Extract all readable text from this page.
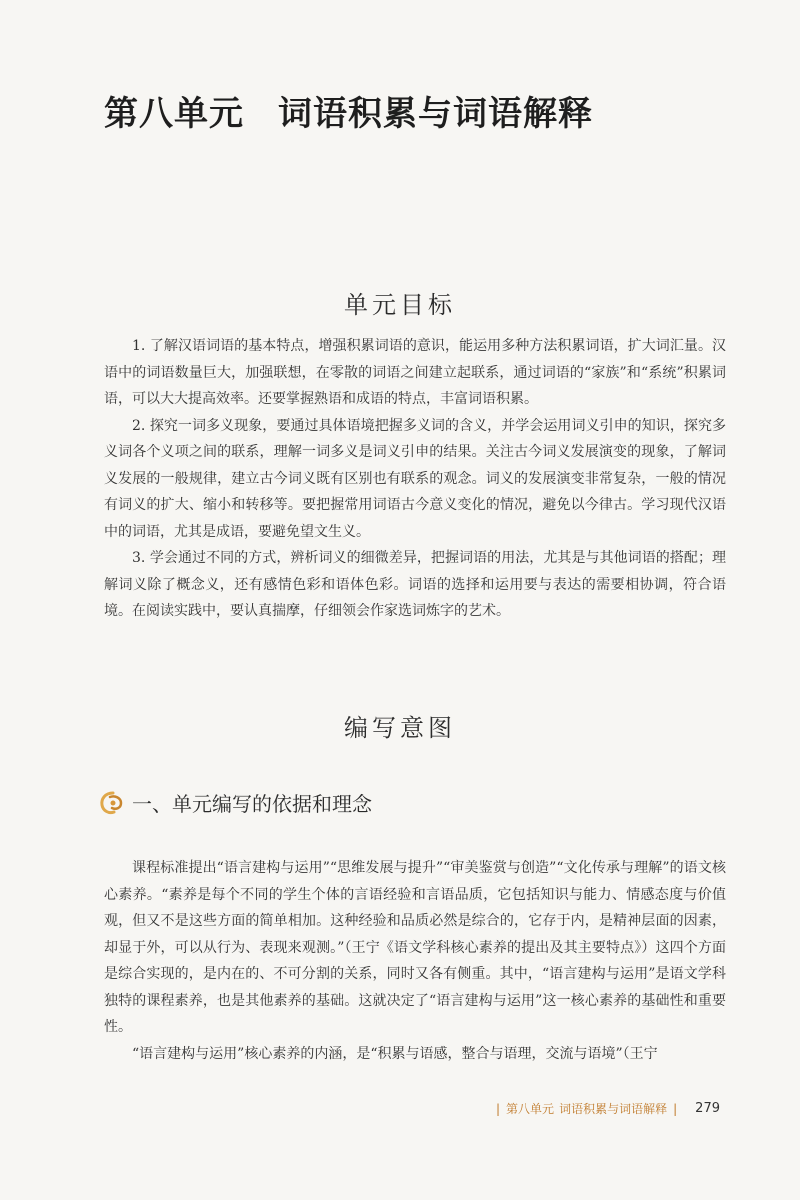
第八单元 词语积累与词语解释
单元目标

1. 了解汉语词语的基本特点，增强积累词语的意识，能运用多种方法积累词语，扩大词汇量。汉语中的词语数量巨大，加强联想，在零散的词语之间建立起联系，通过词语的“家族”和“系统”积累词语，可以大大提高效率。还要掌握熟语和成语的特点，丰富词语积累。

2. 探究一词多义现象，要通过具体语境把握多义词的含义，并学会运用词义引申的知识，探究多义词各个义项之间的联系，理解一词多义是词义引申的结果。关注古今词义发展演变的现象，了解词义发展的一般规律，建立古今词义既有区别也有联系的观念。词义的发展演变非常复杂，一般的情况有词义的扩大、缩小和转移等。要把握常用词语古今意义变化的情况，避免以今律古。学习现代汉语中的词语，尤其是成语，要避免望文生义。

3. 学会通过不同的方式，辨析词义的细微差异，把握词语的用法，尤其是与其他词语的搭配；理解词义除了概念义，还有感情色彩和语体色彩。词语的选择和运用要与表达的需要相协调，符合语境。在阅读实践中，要认真揣摩，仔细领会作家选词炼字的艺术。

编写意图
一、单元编写的依据和理念

课程标准提出“语言建构与运用”“思维发展与提升”“审美鉴赏与创造”“文化传承与理解”的语文核心素养。“素养是每个不同的学生个体的言语经验和言语品质，它包括知识与能力、情感态度与价值观，但又不是这些方面的简单相加。这种经验和品质必然是综合的，它存于内，是精神层面的因素，却显于外，可以从行为、表现来观测。”（王宁《语文学科核心素养的提出及其主要特点》）这四个方面是综合实现的，是内在的、不可分割的关系，同时又各有侧重。其中，“语言建构与运用”是语文学科独特的课程素养，也是其他素养的基础。这就决定了“语言建构与运用”这一核心素养的基础性和重要性。

“语言建构与运用”核心素养的内涵，是“积累与语感，整合与语理，交流与语境”（王宁

| 第八单元 词语积累与词语解释 | 279
